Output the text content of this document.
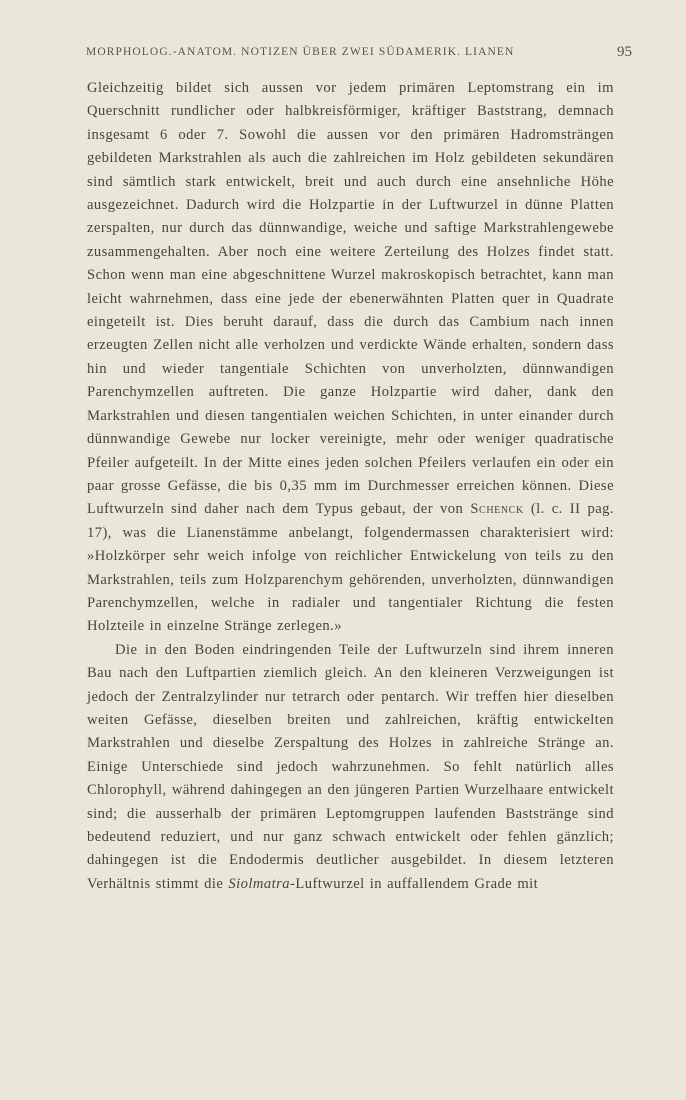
MORPHOLOG.-ANATOM. NOTIZEN ÜBER ZWEI SÜDAMERIK. LIANEN	95

Gleichzeitig bildet sich aussen vor jedem primären Leptomstrang ein im Querschnitt rundlicher oder halbkreisförmiger, kräftiger Baststrang, demnach insgesamt 6 oder 7. Sowohl die aussen vor den primären Hadromsträngen gebildeten Markstrahlen als auch die zahlreichen im Holz gebildeten sekundären sind sämtlich stark entwickelt, breit und auch durch eine ansehnliche Höhe ausgezeichnet. Dadurch wird die Holzpartie in der Luftwurzel in dünne Platten zerspalten, nur durch das dünnwandige, weiche und saftige Markstrahlengewebe zusammengehalten. Aber noch eine weitere Zerteilung des Holzes findet statt. Schon wenn man eine abgeschnittene Wurzel makroskopisch betrachtet, kann man leicht wahrnehmen, dass eine jede der ebenerwähnten Platten quer in Quadrate eingeteilt ist. Dies beruht darauf, dass die durch das Cambium nach innen erzeugten Zellen nicht alle verholzen und verdickte Wände erhalten, sondern dass hin und wieder tangentiale Schichten von unverholzten, dünnwandigen Parenchymzellen auftreten. Die ganze Holzpartie wird daher, dank den Markstrahlen und diesen tangentialen weichen Schichten, in unter einander durch dünnwandige Gewebe nur locker vereinigte, mehr oder weniger quadratische Pfeiler aufgeteilt. In der Mitte eines jeden solchen Pfeilers verlaufen ein oder ein paar grosse Gefässe, die bis 0,35 mm im Durchmesser erreichen können. Diese Luftwurzeln sind daher nach dem Typus gebaut, der von Schenck (l. c. II pag. 17), was die Lianenstämme anbelangt, folgendermassen charakterisiert wird: »Holzkörper sehr weich infolge von reichlicher Entwickelung von teils zu den Markstrahlen, teils zum Holzparenchym gehörenden, unverholzten, dünnwandigen Parenchymzellen, welche in radialer und tangentialer Richtung die festen Holzteile in einzelne Stränge zerlegen.»

Die in den Boden eindringenden Teile der Luftwurzeln sind ihrem inneren Bau nach den Luftpartien ziemlich gleich. An den kleineren Verzweigungen ist jedoch der Zentralzylinder nur tetrarch oder pentarch. Wir treffen hier dieselben weiten Gefässe, dieselben breiten und zahlreichen, kräftig entwickelten Markstrahlen und dieselbe Zerspaltung des Holzes in zahlreiche Stränge an. Einige Unterschiede sind jedoch wahrzunehmen. So fehlt natürlich alles Chlorophyll, während dahingegen an den jüngeren Partien Wurzelhaare entwickelt sind; die ausserhalb der primären Leptomgruppen laufenden Baststränge sind bedeutend reduziert, und nur ganz schwach entwickelt oder fehlen gänzlich; dahingegen ist die Endodermis deutlicher ausgebildet. In diesem letzteren Verhältnis stimmt die Siolmatra-Luftwurzel in auffallendem Grade mit
